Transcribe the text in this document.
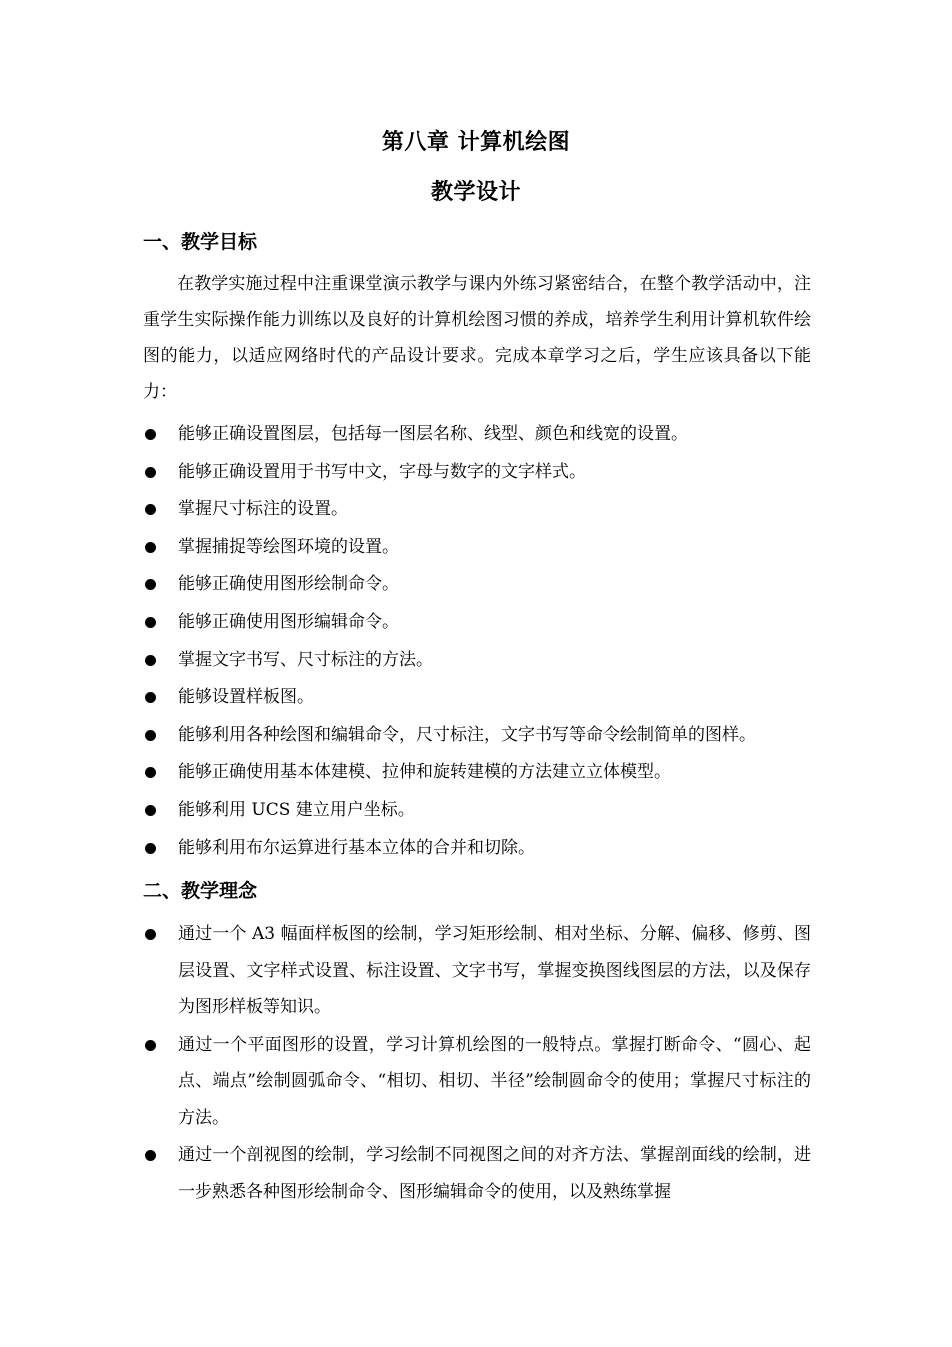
第八章 计算机绘图
教学设计
一、教学目标
在教学实施过程中注重课堂演示教学与课内外练习紧密结合，在整个教学活动中，注重学生实际操作能力训练以及良好的计算机绘图习惯的养成，培养学生利用计算机软件绘图的能力，以适应网络时代的产品设计要求。完成本章学习之后，学生应该具备以下能力：
能够正确设置图层，包括每一图层名称、线型、颜色和线宽的设置。
能够正确设置用于书写中文，字母与数字的文字样式。
掌握尺寸标注的设置。
掌握捕捉等绘图环境的设置。
能够正确使用图形绘制命令。
能够正确使用图形编辑命令。
掌握文字书写、尺寸标注的方法。
能够设置样板图。
能够利用各种绘图和编辑命令，尺寸标注，文字书写等命令绘制简单的图样。
能够正确使用基本体建模、拉伸和旋转建模的方法建立立体模型。
能够利用 UCS 建立用户坐标。
能够利用布尔运算进行基本立体的合并和切除。
二、教学理念
通过一个 A3 幅面样板图的绘制，学习矩形绘制、相对坐标、分解、偏移、修剪、图层设置、文字样式设置、标注设置、文字书写，掌握变换图线图层的方法，以及保存为图形样板等知识。
通过一个平面图形的设置，学习计算机绘图的一般特点。掌握打断命令、“圆心、起点、端点”绘制圆弧命令、“相切、相切、半径”绘制圆命令的使用；掌握尺寸标注的方法。
通过一个剖视图的绘制，学习绘制不同视图之间的对齐方法、掌握剖面线的绘制，进一步熟悉各种图形绘制命令、图形编辑命令的使用，以及熟练掌握
